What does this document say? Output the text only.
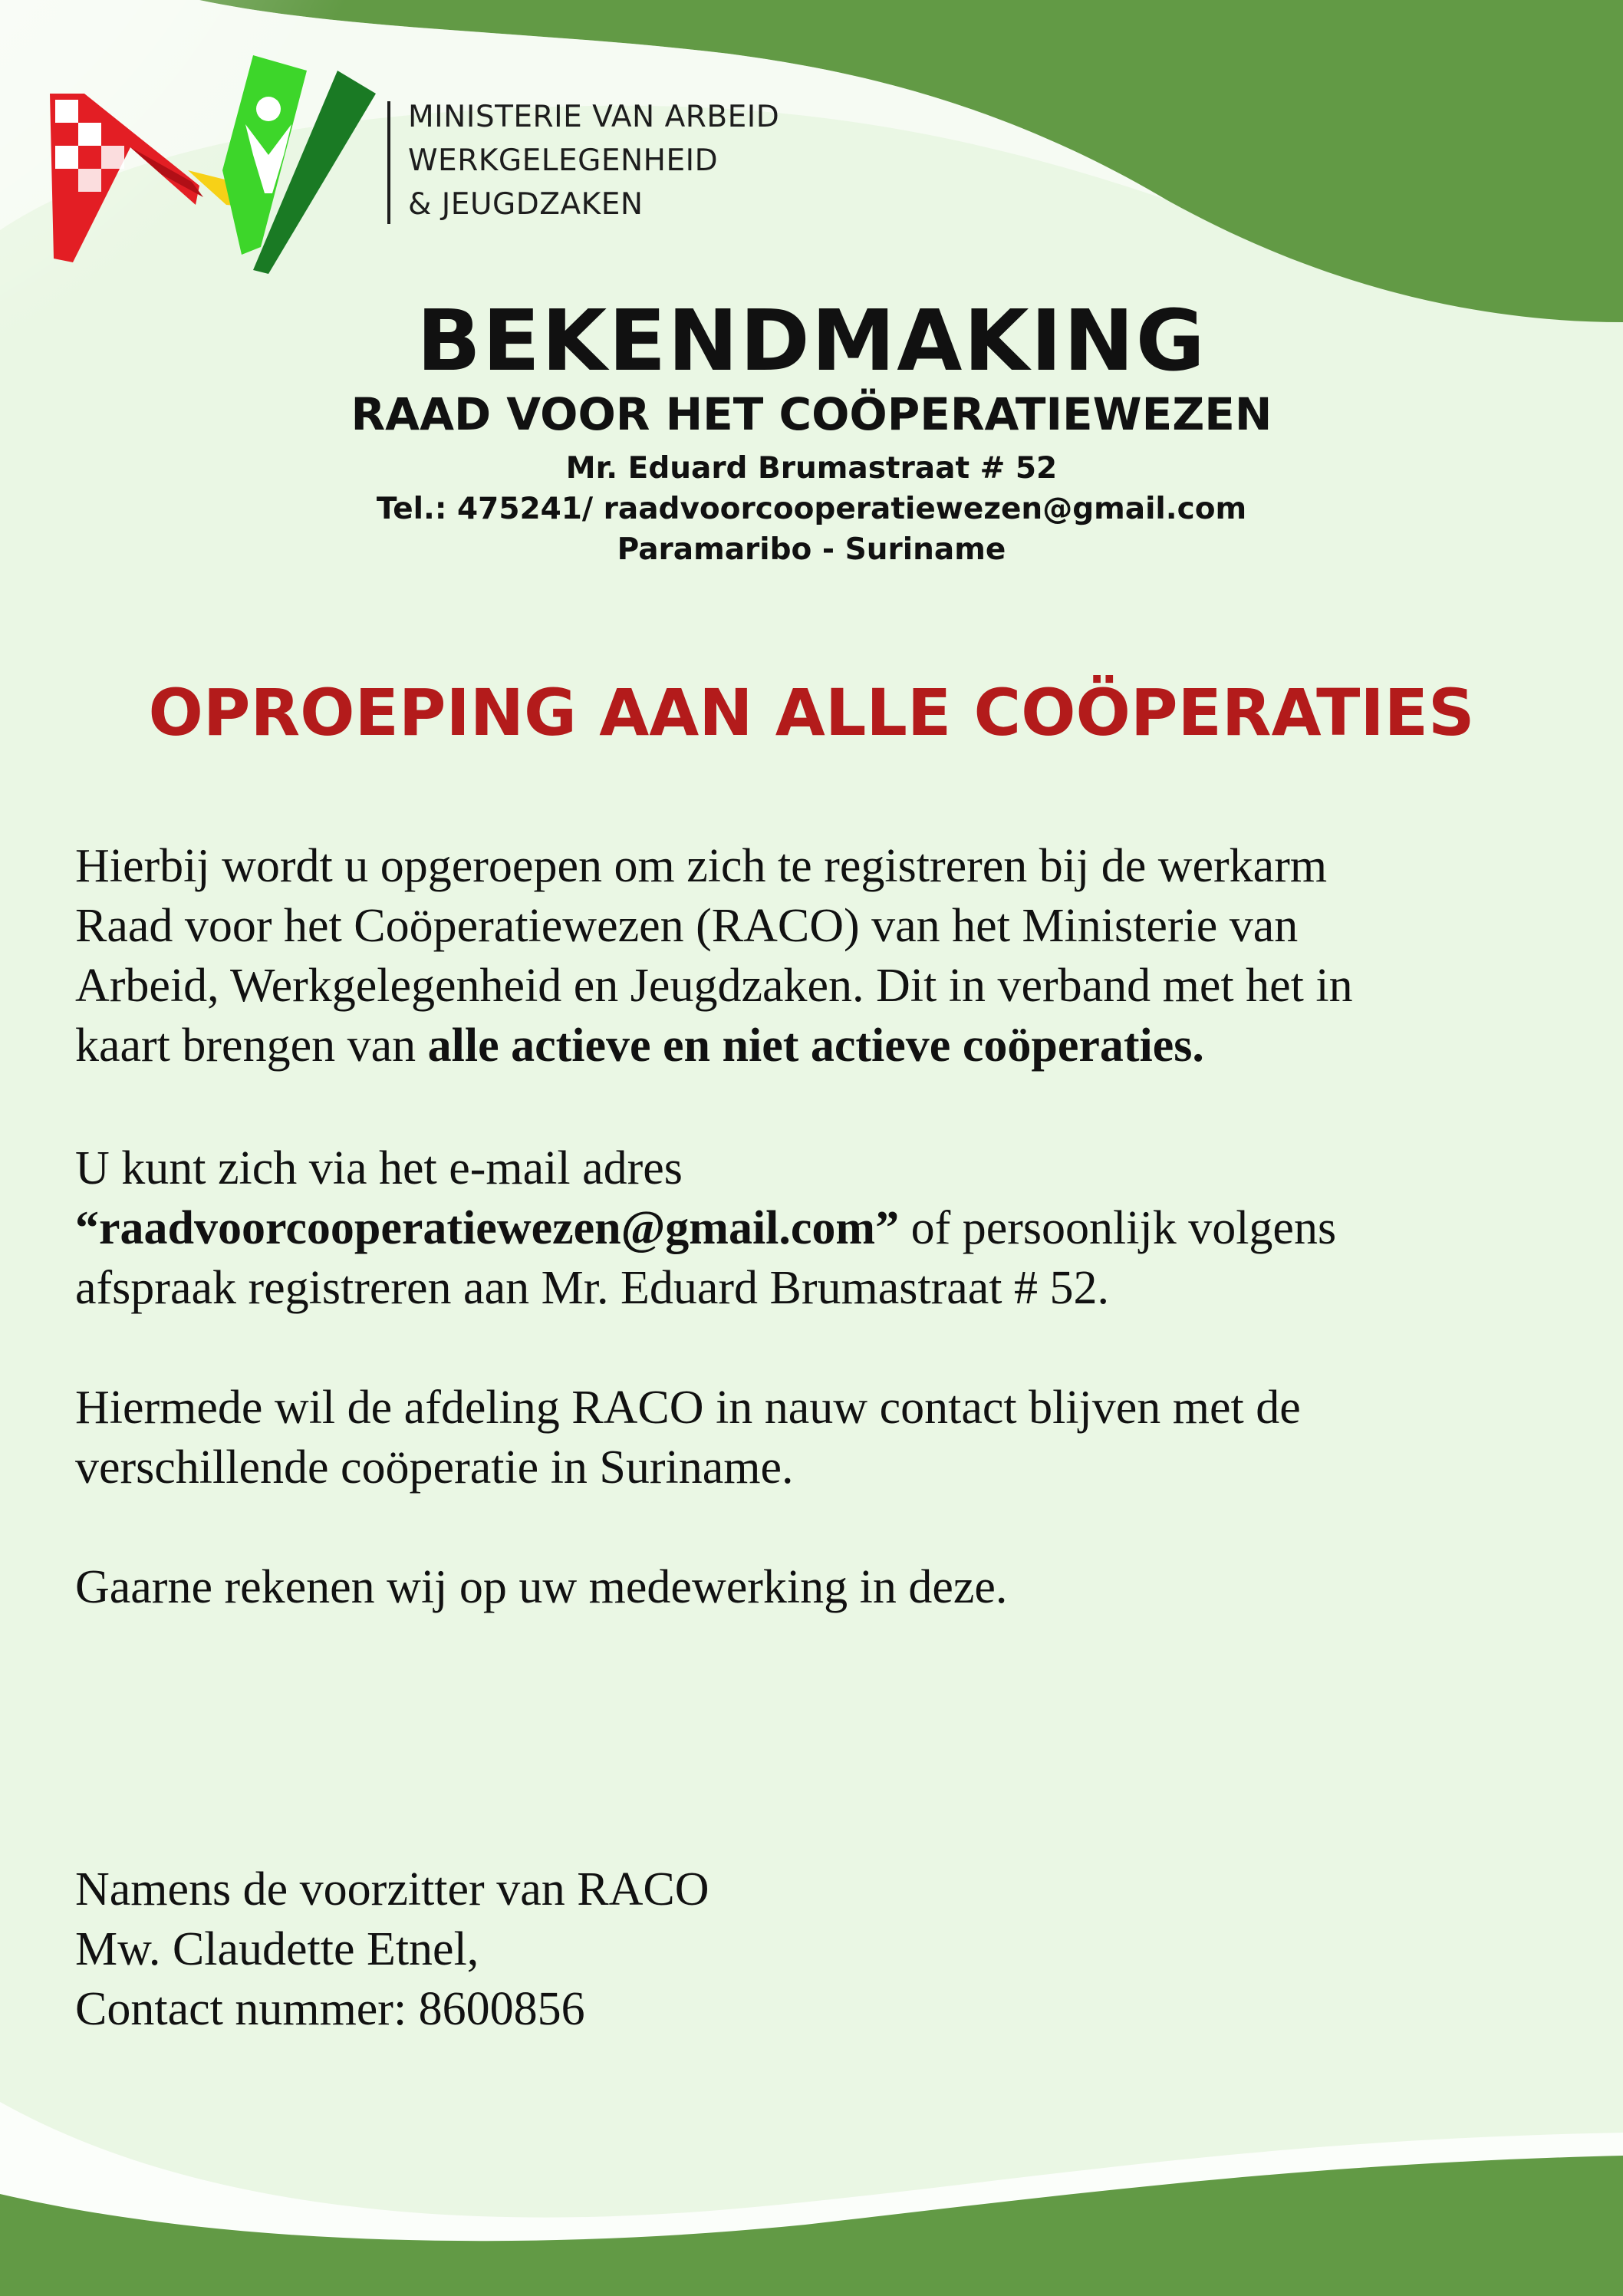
MINISTERIE VAN ARBEID
WERKGELEGENHEID
& JEUGDZAKEN
BEKENDMAKING
RAAD VOOR HET COÖPERATIEWEZEN
Mr. Eduard Brumastraat # 52
Tel.: 475241/ raadvoorcooperatiewezen@gmail.com
Paramaribo - Suriname
OPROEPING AAN ALLE COÖPERATIES
Hierbij wordt u opgeroepen om zich te registreren bij de werkarm
Raad voor het Coöperatiewezen (RACO) van het Ministerie van
Arbeid, Werkgelegenheid en Jeugdzaken. Dit in verband met het in
kaart brengen van alle actieve en niet actieve coöperaties.
U kunt zich via het e-mail adres
“raadvoorcooperatiewezen@gmail.com” of persoonlijk volgens
afspraak registreren aan Mr. Eduard Brumastraat # 52.
Hiermede wil de afdeling RACO in nauw contact blijven met de
verschillende coöperatie in Suriname.
Gaarne rekenen wij op uw medewerking in deze.
Namens de voorzitter van RACO
Mw. Claudette Etnel,
Contact nummer: 8600856
